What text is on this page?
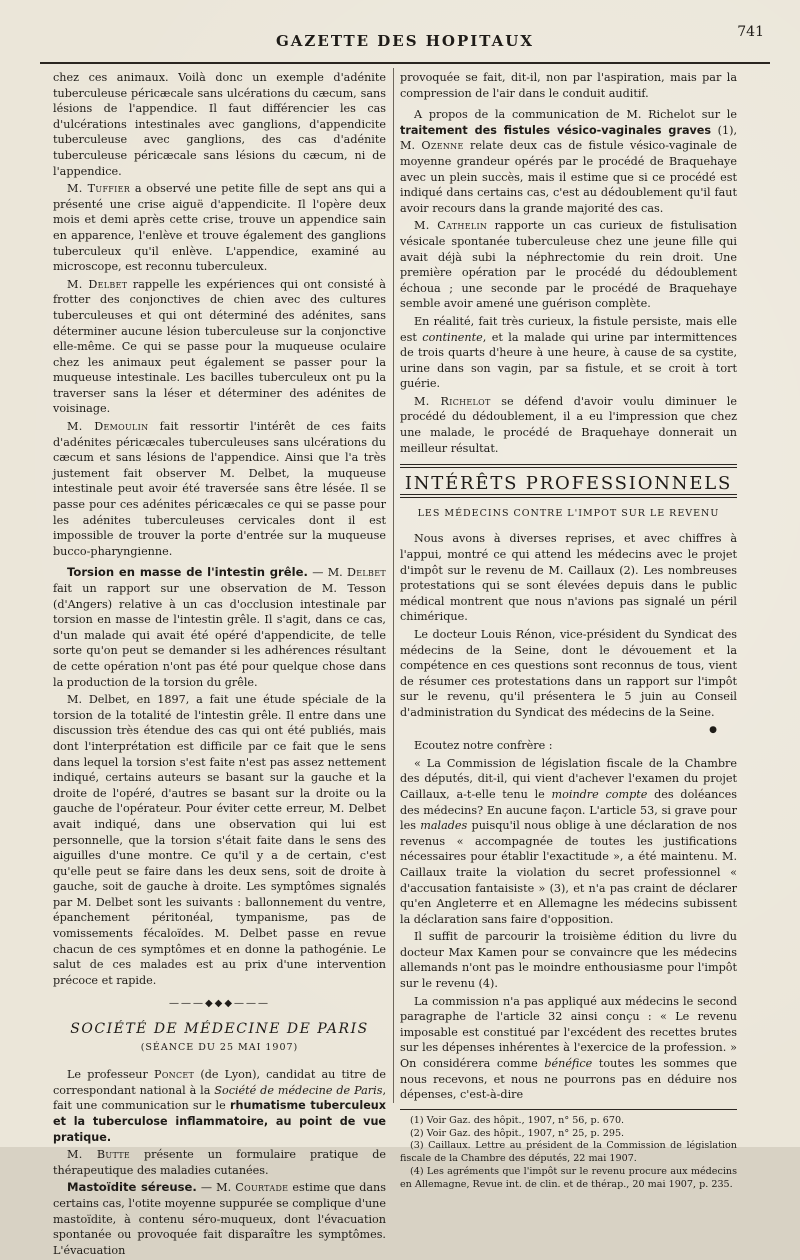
GAZETTE DES HOPITAUX	741

chez ces animaux. Voilà donc un exemple d'adénite tuberculeuse péricæcale sans ulcérations du cæcum, sans lésions de l'appendice. Il faut différencier les cas d'ulcérations intestinales avec ganglions, d'appendicite tuberculeuse avec ganglions, des cas d'adénite tuberculeuse péricæcale sans lésions du cæcum, ni de l'appendice.

M. Tuffier a observé une petite fille de sept ans qui a présenté une crise aiguë d'appendicite. Il l'opère deux mois et demi après cette crise, trouve un appendice sain en apparence, l'enlève et trouve également des ganglions tuberculeux qu'il enlève. L'appendice, examiné au microscope, est reconnu tuberculeux.

M. Delbet rappelle les expériences qui ont consisté à frotter des conjonctives de chien avec des cultures tuberculeuses et qui ont déterminé des adénites, sans déterminer aucune lésion tuberculeuse sur la conjonctive elle-même. Ce qui se passe pour la muqueuse oculaire chez les animaux peut également se passer pour la muqueuse intestinale. Les bacilles tuberculeux ont pu la traverser sans la léser et déterminer des adénites de voisinage.

M. Demoulin fait ressortir l'intérêt de ces faits d'adénites péricæcales tuberculeuses sans ulcérations du cæcum et sans lésions de l'appendice. Ainsi que l'a très justement fait observer M. Delbet, la muqueuse intestinale peut avoir été traversée sans être lésée. Il se passe pour ces adénites péricæcales ce qui se passe pour les adénites tuberculeuses cervicales dont il est impossible de trouver la porte d'entrée sur la muqueuse bucco-pharyngienne.

Torsion en masse de l'intestin grêle. — M. Delbet fait un rapport sur une observation de M. Tesson (d'Angers) relative à un cas d'occlusion intestinale par torsion en masse de l'intestin grêle. Il s'agit, dans ce cas, d'un malade qui avait été opéré d'appendicite, de telle sorte qu'on peut se demander si les adhérences résultant de cette opération n'ont pas été pour quelque chose dans la production de la torsion du grêle.

M. Delbet, en 1897, a fait une étude spéciale de la torsion de la totalité de l'intestin grêle. Il entre dans une discussion très étendue des cas qui ont été publiés, mais dont l'interprétation est difficile par ce fait que le sens dans lequel la torsion s'est faite n'est pas assez nettement indiqué, certains auteurs se basant sur la gauche et la droite de l'opéré, d'autres se basant sur la droite ou la gauche de l'opérateur. Pour éviter cette erreur, M. Delbet avait indiqué, dans une observation qui lui est personnelle, que la torsion s'était faite dans le sens des aiguilles d'une montre. Ce qu'il y a de certain, c'est qu'elle peut se faire dans les deux sens, soit de droite à gauche, soit de gauche à droite. Les symptômes signalés par M. Delbet sont les suivants : ballonnement du ventre, épanchement péritonéal, tympanisme, pas de vomissements fécaloïdes. M. Delbet passe en revue chacun de ces symptômes et en donne la pathogénie. Le salut de ces malades est au prix d'une intervention précoce et rapide.

———◆◆◆———
SOCIÉTÉ DE MÉDECINE DE PARIS
(SÉANCE DU 25 MAI 1907)

Le professeur Poncet (de Lyon), candidat au titre de correspondant national à la Société de médecine de Paris, fait une communication sur le rhumatisme tuberculeux et la tuberculose inflammatoire, au point de vue pratique.

M. Butte présente un formulaire pratique de thérapeutique des maladies cutanées.

Mastoïdite séreuse. — M. Courtade estime que dans certains cas, l'otite moyenne suppurée se complique d'une mastoïdite, à contenu séro-muqueux, dont l'évacuation spontanée ou provoquée fait disparaître les symptômes. L'évacuation

provoquée se fait, dit-il, non par l'aspiration, mais par la compression de l'air dans le conduit auditif.

A propos de la communication de M. Richelot sur le traitement des fistules vésico-vaginales graves (1), M. Ozenne relate deux cas de fistule vésico-vaginale de moyenne grandeur opérés par le procédé de Braquehaye avec un plein succès, mais il estime que si ce procédé est indiqué dans certains cas, c'est au dédoublement qu'il faut avoir recours dans la grande majorité des cas.

M. Cathelin rapporte un cas curieux de fistulisation vésicale spontanée tuberculeuse chez une jeune fille qui avait déjà subi la néphrectomie du rein droit. Une première opération par le procédé du dédoublement échoua ; une seconde par le procédé de Braquehaye semble avoir amené une guérison complète.

En réalité, fait très curieux, la fistule persiste, mais elle est continente, et la malade qui urine par intermittences de trois quarts d'heure à une heure, à cause de sa cystite, urine dans son vagin, par sa fistule, et se croit à tort guérie.

M. Richelot se défend d'avoir voulu diminuer le procédé du dédoublement, il a eu l'impression que chez une malade, le procédé de Braquehaye donnerait un meilleur résultat.

INTÉRÊTS PROFESSIONNELS
LES MÉDECINS CONTRE L'IMPOT SUR LE REVENU

Nous avons à diverses reprises, et avec chiffres à l'appui, montré ce qui attend les médecins avec le projet d'impôt sur le revenu de M. Caillaux (2). Les nombreuses protestations qui se sont élevées depuis dans le public médical montrent que nous n'avions pas signalé un péril chimérique.

Le docteur Louis Rénon, vice-président du Syndicat des médecins de la Seine, dont le dévouement et la compétence en ces questions sont reconnus de tous, vient de résumer ces protestations dans un rapport sur l'impôt sur le revenu, qu'il présentera le 5 juin au Conseil d'administration du Syndicat des médecins de la Seine.

●

Ecoutez notre confrère :

« La Commission de législation fiscale de la Chambre des députés, dit-il, qui vient d'achever l'examen du projet Caillaux, a-t-elle tenu le moindre compte des doléances des médecins? En aucune façon. L'article 53, si grave pour les malades puisqu'il nous oblige à une déclaration de nos revenus « accompagnée de toutes les justifications nécessaires pour établir l'exactitude », a été maintenu. M. Caillaux traite la violation du secret professionnel « d'accusation fantaisiste » (3), et n'a pas craint de déclarer qu'en Angleterre et en Allemagne les médecins subissent la déclaration sans faire d'opposition.

Il suffit de parcourir la troisième édition du livre du docteur Max Kamen pour se convaincre que les médecins allemands n'ont pas le moindre enthousiasme pour l'impôt sur le revenu (4).

La commission n'a pas appliqué aux médecins le second paragraphe de l'article 32 ainsi conçu : « Le revenu imposable est constitué par l'excédent des recettes brutes sur les dépenses inhérentes à l'exercice de la profession. » On considérera comme bénéfice toutes les sommes que nous recevons, et nous ne pourrons pas en déduire nos dépenses, c'est-à-dire

(1) Voir Gaz. des hôpit., 1907, n° 56, p. 670.
(2) Voir Gaz. des hôpit., 1907, n° 25, p. 295.
(3) Caillaux. Lettre au président de la Commission de législation fiscale de la Chambre des députés, 22 mai 1907.
(4) Les agréments que l'impôt sur le revenu procure aux médecins en Allemagne, Revue int. de clin. et de thérap., 20 mai 1907, p. 235.
